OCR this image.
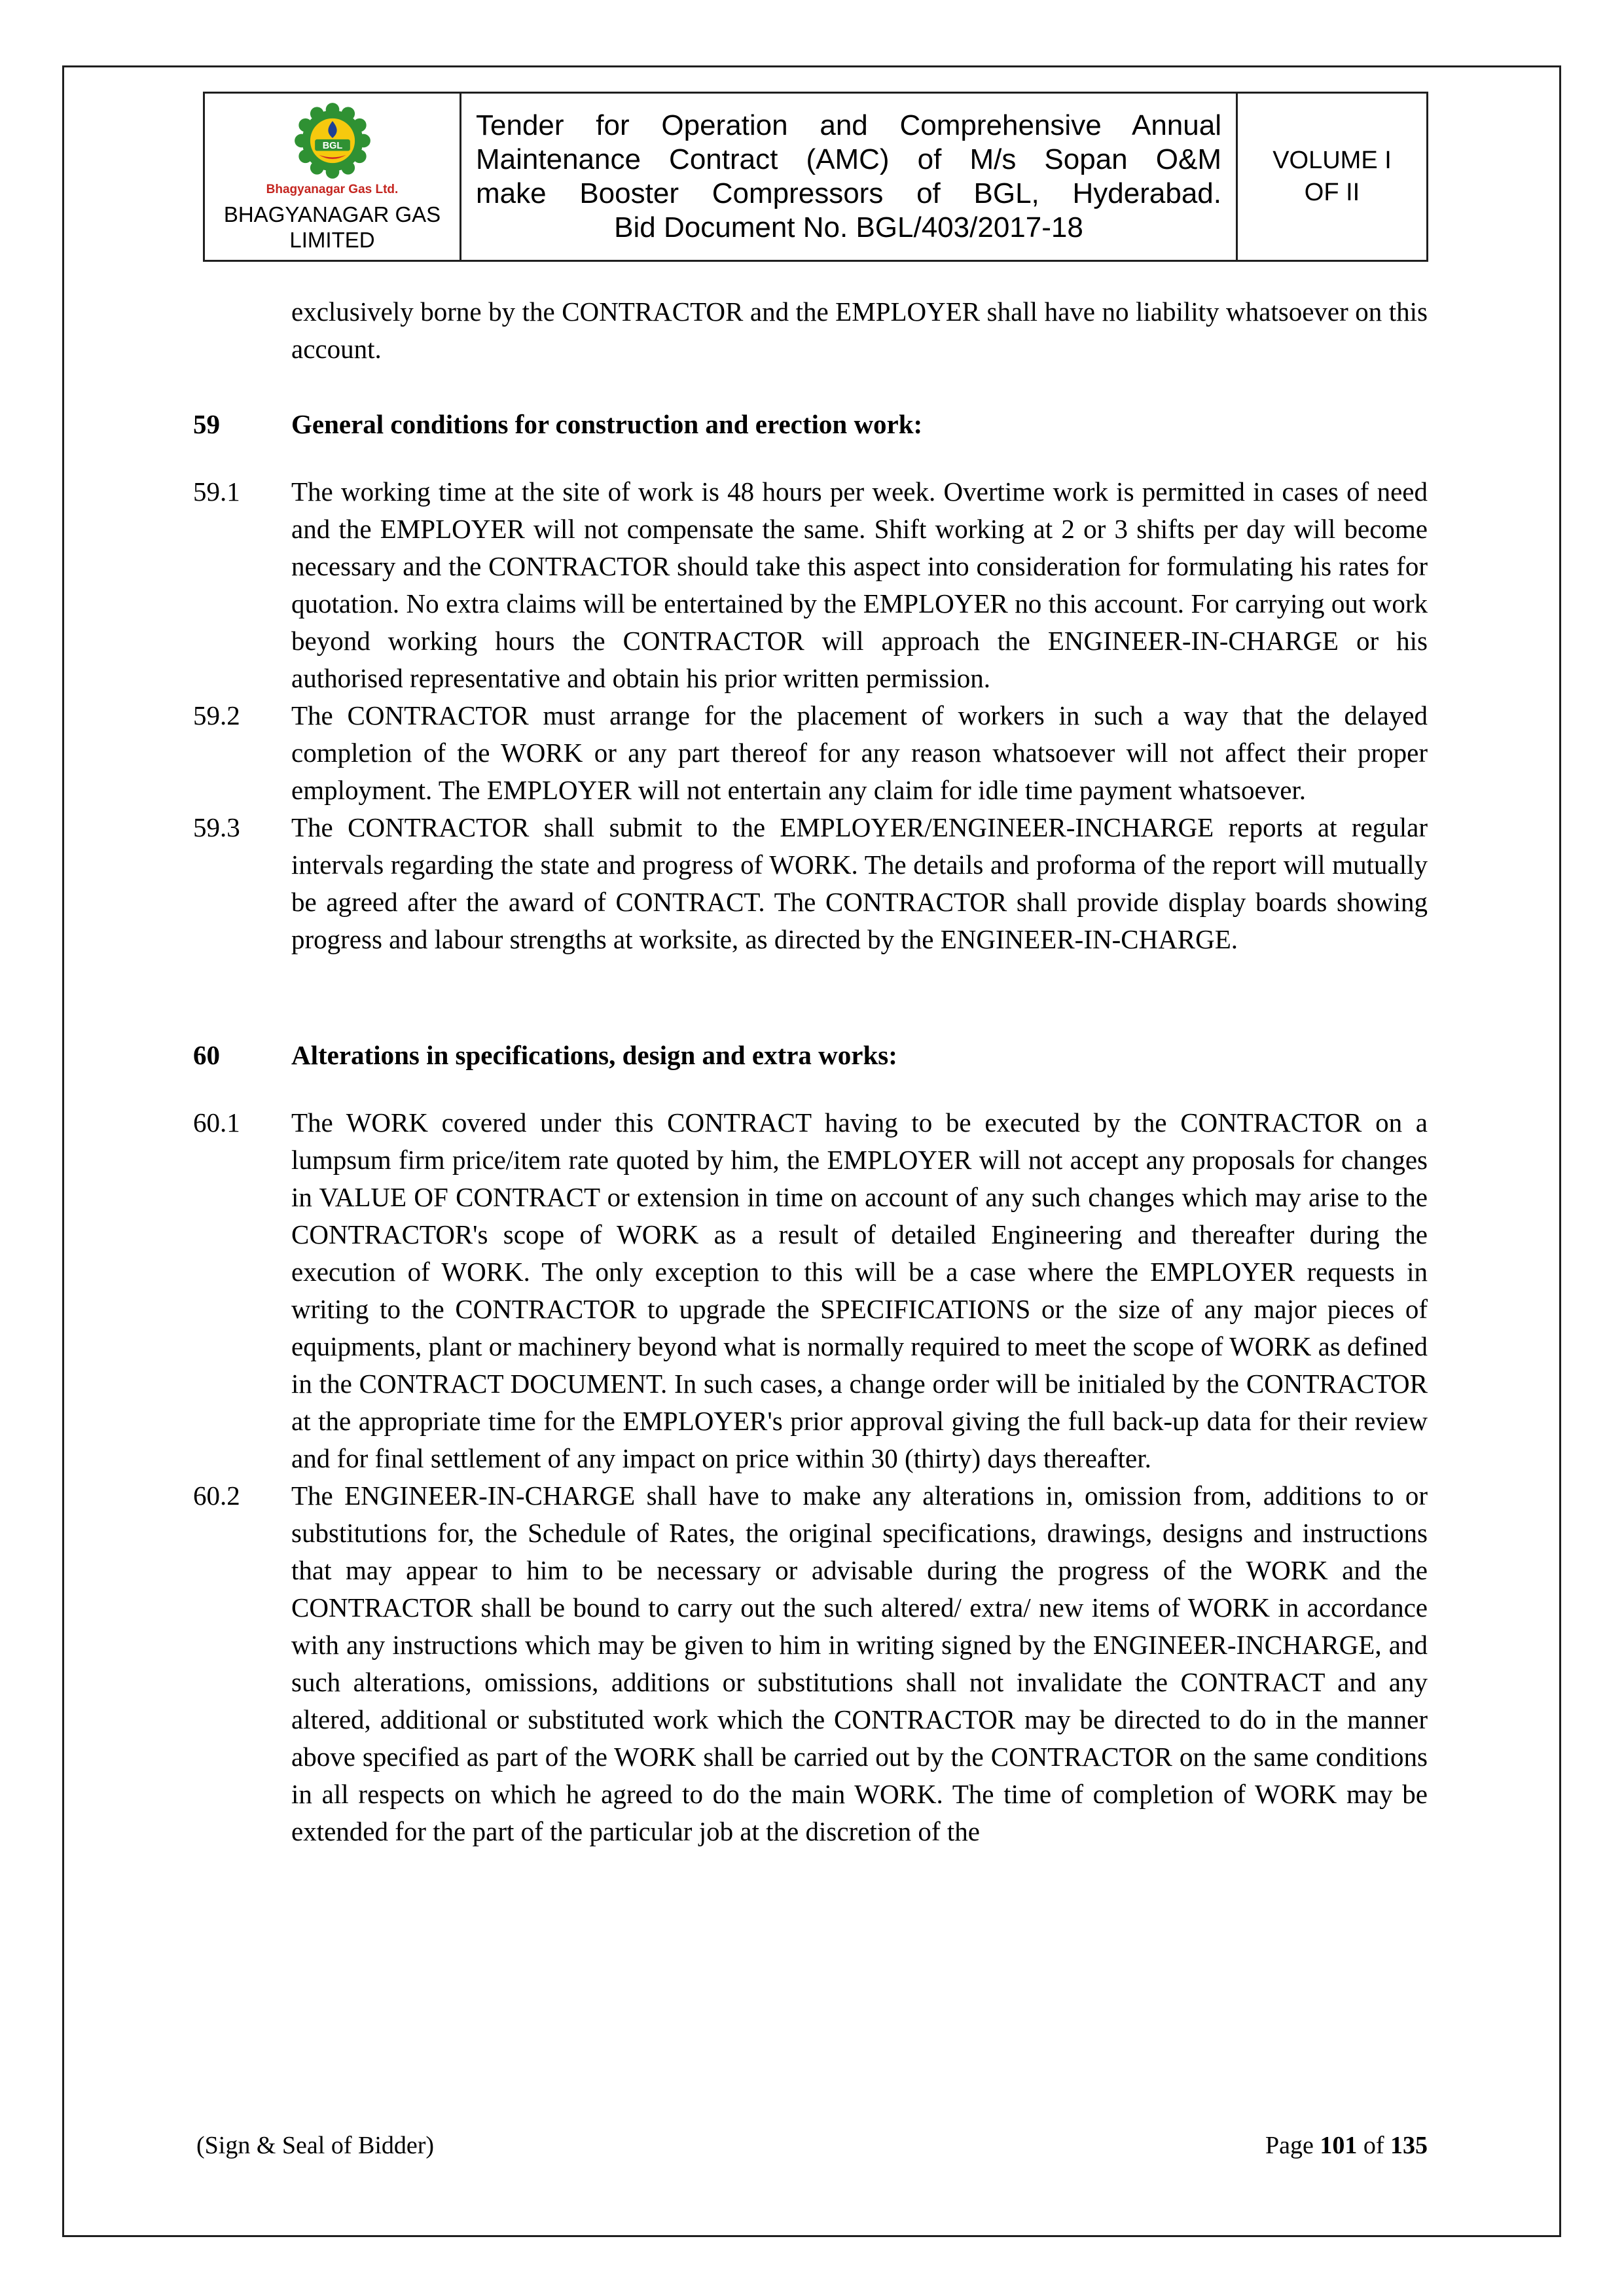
BGL
Bhagyanagar Gas Ltd.
BHAGYANAGAR GAS LIMITED
Tender for Operation and Comprehensive Annual
Maintenance Contract (AMC) of M/s Sopan O&M
make Booster Compressors of BGL, Hyderabad.
Bid Document No. BGL/403/2017-18
VOLUME I
OF II

exclusively borne by the CONTRACTOR and the EMPLOYER shall have no liability whatsoever on this account.

59	General conditions for construction and erection work:
59.1	The working time at the site of work is 48 hours per week. Overtime work is permitted in cases of need and the EMPLOYER will not compensate the same. Shift working at 2 or 3 shifts per day will become necessary and the CONTRACTOR should take this aspect into consideration for formulating his rates for quotation. No extra claims will be entertained by the EMPLOYER no this account. For carrying out work beyond working hours the CONTRACTOR will approach the ENGINEER-IN-CHARGE or his authorised representative and obtain his prior written permission.
59.2	The CONTRACTOR must arrange for the placement of workers in such a way that the delayed completion of the WORK or any part thereof for any reason whatsoever will not affect their proper employment. The EMPLOYER will not entertain any claim for idle time payment whatsoever.
59.3	The CONTRACTOR shall submit to the EMPLOYER/ENGINEER-INCHARGE reports at regular intervals regarding the state and progress of WORK. The details and proforma of the report will mutually be agreed after the award of CONTRACT. The CONTRACTOR shall provide display boards showing progress and labour strengths at worksite, as directed by the ENGINEER-IN-CHARGE.
60	Alterations in specifications, design and extra works:
60.1	The WORK covered under this CONTRACT having to be executed by the CONTRACTOR on a lumpsum firm price/item rate quoted by him, the EMPLOYER will not accept any proposals for changes in VALUE OF CONTRACT or extension in time on account of any such changes which may arise to the CONTRACTOR's scope of WORK as a result of detailed Engineering and thereafter during the execution of WORK. The only exception to this will be a case where the EMPLOYER requests in writing to the CONTRACTOR to upgrade the SPECIFICATIONS or the size of any major pieces of equipments, plant or machinery beyond what is normally required to meet the scope of WORK as defined in the CONTRACT DOCUMENT. In such cases, a change order will be initialed by the CONTRACTOR at the appropriate time for the EMPLOYER's prior approval giving the full back-up data for their review and for final settlement of any impact on price within 30 (thirty) days thereafter.
60.2	The ENGINEER-IN-CHARGE shall have to make any alterations in, omission from, additions to or substitutions for, the Schedule of Rates, the original specifications, drawings, designs and instructions that may appear to him to be necessary or advisable during the progress of the WORK and the CONTRACTOR shall be bound to carry out the such altered/ extra/ new items of WORK in accordance with any instructions which may be given to him in writing signed by the ENGINEER-INCHARGE, and such alterations, omissions, additions or substitutions shall not invalidate the CONTRACT and any altered, additional or substituted work which the CONTRACTOR may be directed to do in the manner above specified as part of the WORK shall be carried out by the CONTRACTOR on the same conditions in all respects on which he agreed to do the main WORK. The time of completion of WORK may be extended for the part of the particular job at the discretion of the
(Sign & Seal of Bidder)	Page 101 of 135
